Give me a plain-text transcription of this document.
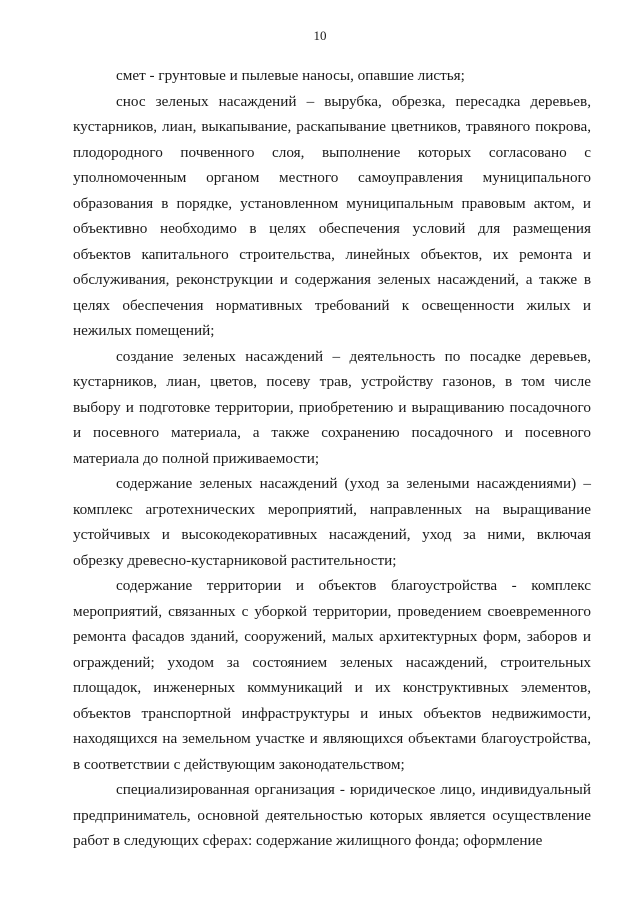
10

смет - грунтовые и пылевые наносы, опавшие листья;

снос зеленых насаждений – вырубка, обрезка, пересадка деревьев, кустарников, лиан, выкапывание, раскапывание цветников, травяного покрова, плодородного почвенного слоя, выполнение которых согласовано с уполномоченным органом местного самоуправления муниципального образования в порядке, установленном муниципальным правовым актом, и объективно необходимо в целях обеспечения условий для размещения объектов капитального строительства, линейных объектов, их ремонта и обслуживания, реконструкции и содержания зеленых насаждений, а также в целях обеспечения нормативных требований к освещенности жилых и нежилых помещений;

создание зеленых насаждений – деятельность по посадке деревьев, кустарников, лиан, цветов, посеву трав, устройству газонов, в том числе выбору и подготовке территории, приобретению и выращиванию посадочного и посевного материала, а также сохранению посадочного и посевного материала до полной приживаемости;

содержание зеленых насаждений (уход за зелеными насаждениями) – комплекс агротехнических мероприятий, направленных на выращивание устойчивых и высокодекоративных насаждений, уход за ними, включая обрезку древесно-кустарниковой растительности;

содержание территории и объектов благоустройства - комплекс мероприятий, связанных с уборкой территории, проведением своевременного ремонта фасадов зданий, сооружений, малых архитектурных форм, заборов и ограждений; уходом за состоянием зеленых насаждений, строительных площадок, инженерных коммуникаций и их конструктивных элементов, объектов транспортной инфраструктуры и иных объектов недвижимости, находящихся на земельном участке и являющихся объектами благоустройства, в соответствии с действующим законодательством;

специализированная организация - юридическое лицо, индивидуальный предприниматель, основной деятельностью которых является осуществление работ в следующих сферах: содержание жилищного фонда; оформление
